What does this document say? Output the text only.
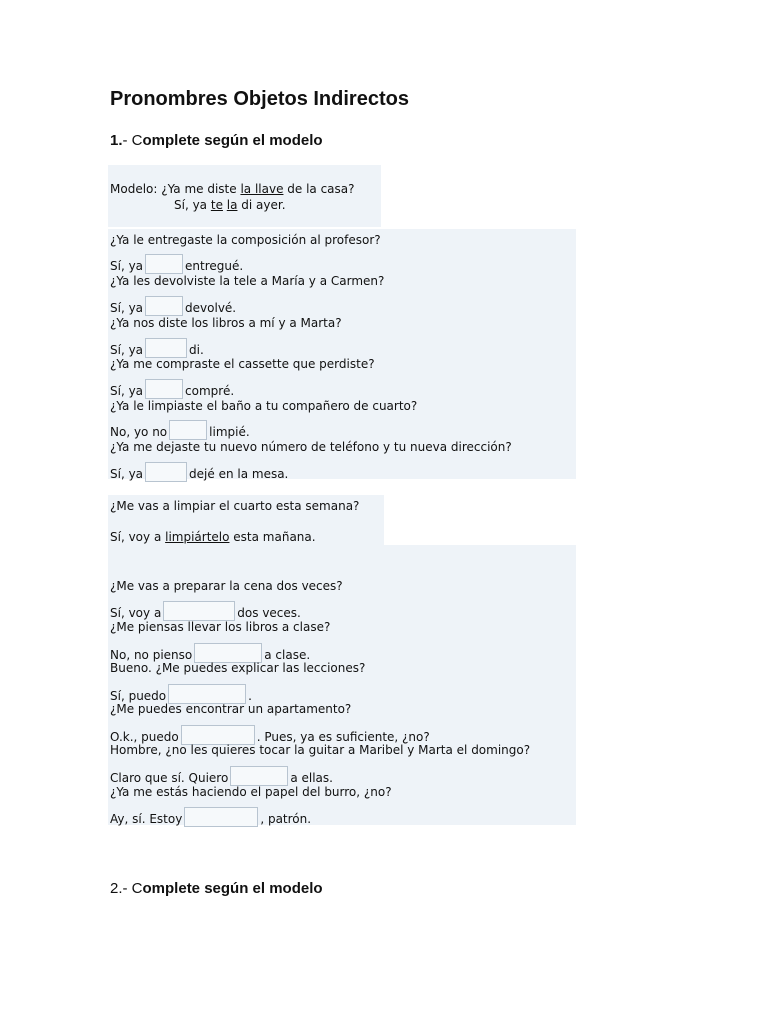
Pronombres Objetos Indirectos
1.- Complete según el modelo
Modelo: ¿Ya me diste la llave de la casa?
Sí, ya te la di ayer.
¿Ya le entregaste la composición al profesor?
Sí, ya	entregué.
¿Ya les devolviste la tele a María y a Carmen?
Sí, ya	devolvé.
¿Ya nos diste los libros a mí y a Marta?
Sí, ya	di.
¿Ya me compraste el cassette que perdiste?
Sí, ya	compré.
¿Ya le limpiaste el baño a tu compañero de cuarto?
No, yo no	limpié.
¿Ya me dejaste tu nuevo número de teléfono y tu nueva dirección?
Sí, ya	dejé en la mesa.
¿Me vas a limpiar el cuarto esta semana?
Sí, voy a limpiártelo esta mañana.
¿Me vas a preparar la cena dos veces?
Sí, voy a	dos veces.
¿Me piensas llevar los libros a clase?
No, no pienso	a clase.
Bueno. ¿Me puedes explicar las lecciones?
Sí, puedo	.
¿Me puedes encontrar un apartamento?
O.k., puedo	. Pues, ya es suficiente, ¿no?
Hombre, ¿no les quieres tocar la guitar a Maribel y Marta el domingo?
Claro que sí. Quiero	a ellas.
¿Ya me estás haciendo el papel del burro, ¿no?
Ay, sí. Estoy	, patrón.
2.- Complete según el modelo
